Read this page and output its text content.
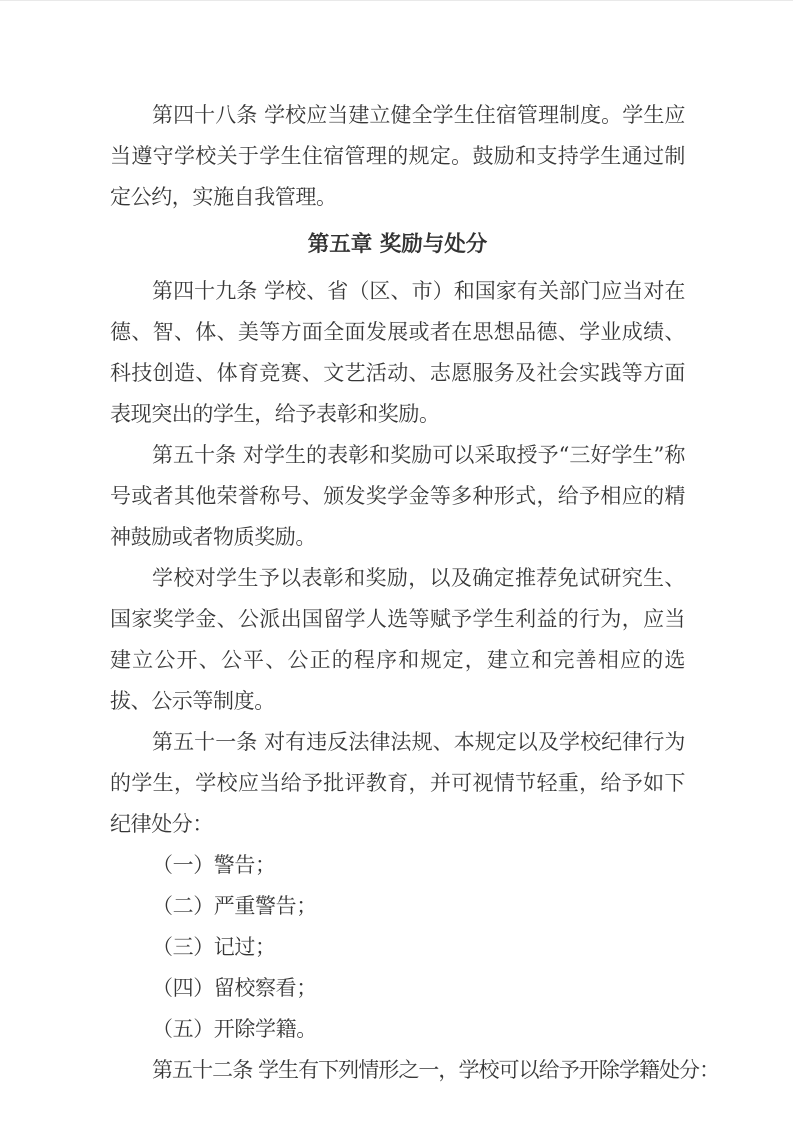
第四十八条 学校应当建立健全学生住宿管理制度。学生应当遵守学校关于学生住宿管理的规定。鼓励和支持学生通过制定公约，实施自我管理。

第五章 奖励与处分

第四十九条 学校、省（区、市）和国家有关部门应当对在德、智、体、美等方面全面发展或者在思想品德、学业成绩、科技创造、体育竞赛、文艺活动、志愿服务及社会实践等方面表现突出的学生，给予表彰和奖励。

第五十条 对学生的表彰和奖励可以采取授予“三好学生”称号或者其他荣誉称号、颁发奖学金等多种形式，给予相应的精神鼓励或者物质奖励。

学校对学生予以表彰和奖励，以及确定推荐免试研究生、国家奖学金、公派出国留学人选等赋予学生利益的行为，应当建立公开、公平、公正的程序和规定，建立和完善相应的选拔、公示等制度。

第五十一条 对有违反法律法规、本规定以及学校纪律行为的学生，学校应当给予批评教育，并可视情节轻重，给予如下纪律处分：

（一）警告；

（二）严重警告；

（三）记过；

（四）留校察看；

（五）开除学籍。

第五十二条 学生有下列情形之一，学校可以给予开除学籍处分：
